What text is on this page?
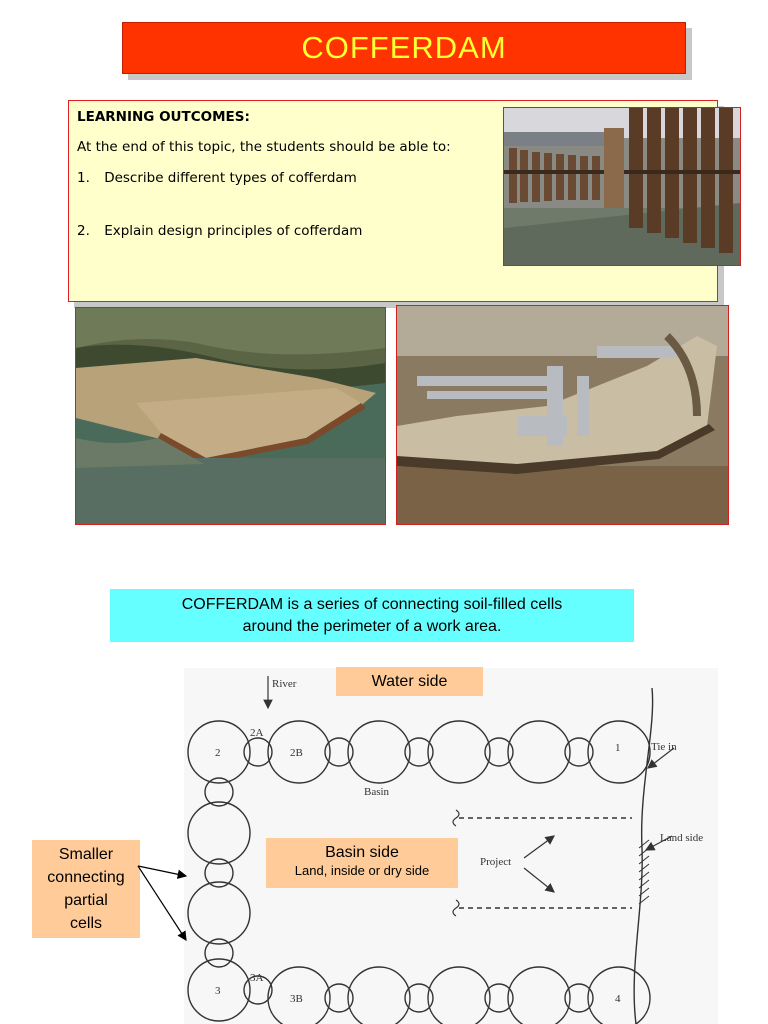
COFFERDAM
LEARNING OUTCOMES:
At the end of this topic, the students should be able to:
1. Describe different types of cofferdam
2. Explain design principles of cofferdam
COFFERDAM is a series of connecting soil-filled cells
around the perimeter of a work area.
River
Tie in
Basin
Land side
Project
2
2A
2B	1
3
3A
3B	4
Water side
Basin side
Land, inside or dry side
Smaller
connecting
partial
cells
